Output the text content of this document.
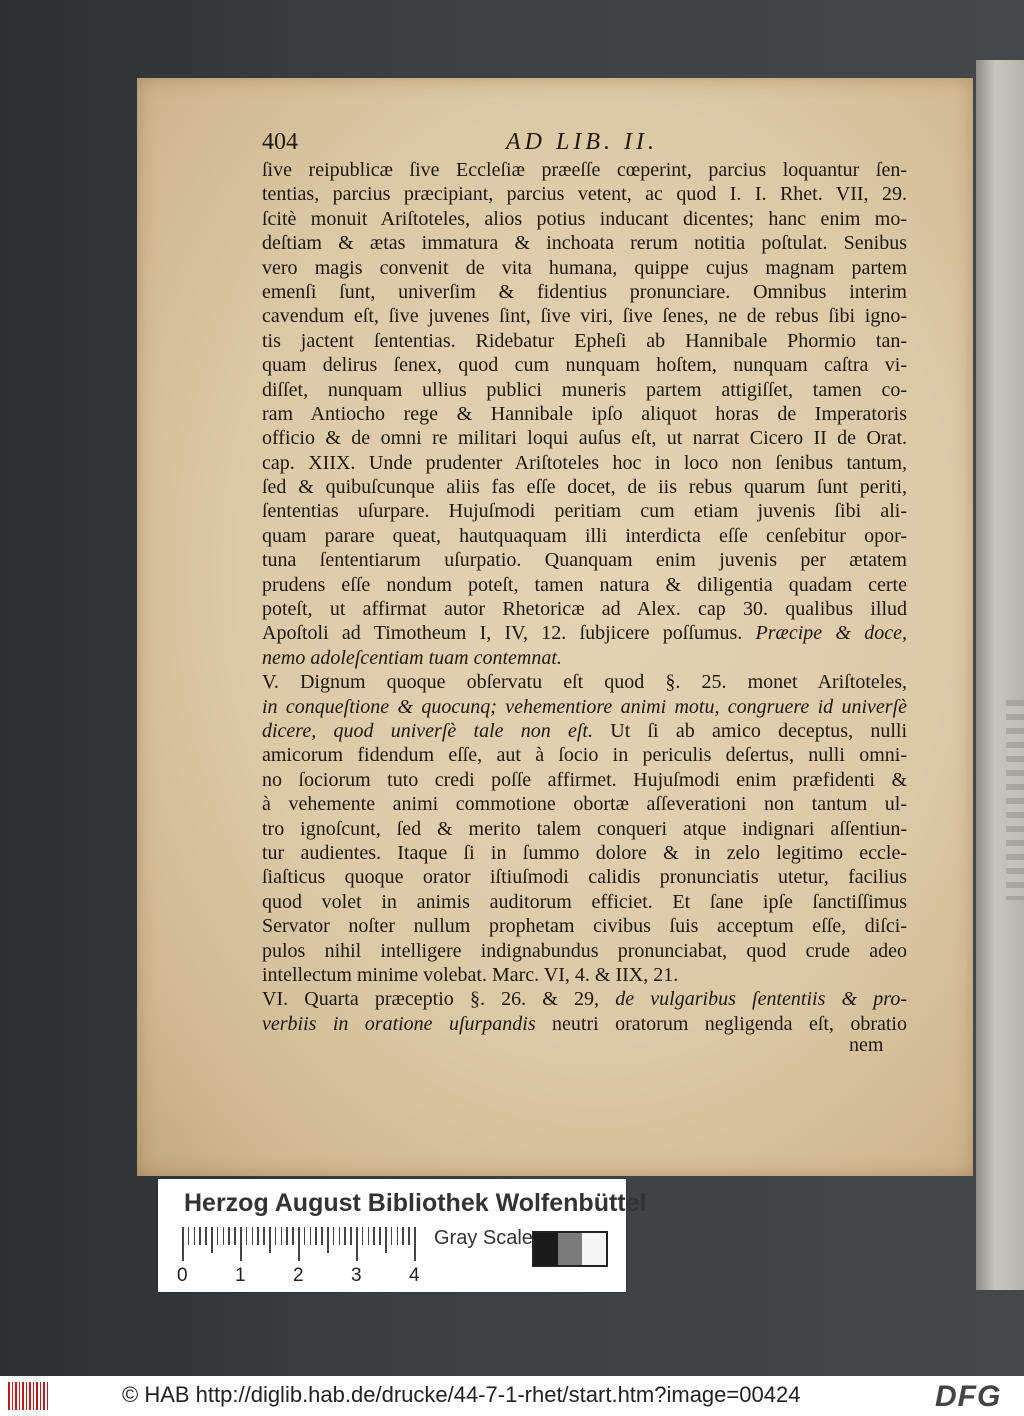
404	AD LIB. II.
ſive reipublicæ ſive Eccleſiæ præeſſe cœperint, parcius loquantur ſen-
tentias, parcius præcipiant, parcius vetent, ac quod I. I. Rhet. VII, 29.
ſcitè monuit Ariſtoteles, alios potius inducant dicentes; hanc enim mo-
deſtiam & ætas immatura & inchoata rerum notitia poſtulat. Senibus
vero magis convenit de vita humana, quippe cujus magnam partem
emenſi ſunt, univerſim & fidentius pronunciare. Omnibus interim
cavendum eſt, ſive juvenes ſint, ſive viri, ſive ſenes, ne de rebus ſibi igno-
tis jactent ſententias. Ridebatur Epheſi ab Hannibale Phormio tan-
quam delirus ſenex, quod cum nunquam hoſtem, nunquam caſtra vi-
diſſet, nunquam ullius publici muneris partem attigiſſet, tamen co-
ram Antiocho rege & Hannibale ipſo aliquot horas de Imperatoris
officio & de omni re militari loqui auſus eſt, ut narrat Cicero II de Orat.
cap. XIIX. Unde prudenter Ariſtoteles hoc in loco non ſenibus tantum,
ſed & quibuſcunque aliis fas eſſe docet, de iis rebus quarum ſunt periti,
ſententias uſurpare. Hujuſmodi peritiam cum etiam juvenis ſibi ali-
quam parare queat, hautquaquam illi interdicta eſſe cenſebitur opor-
tuna ſententiarum uſurpatio. Quanquam enim juvenis per ætatem
prudens eſſe nondum poteſt, tamen natura & diligentia quadam certe
poteſt, ut affirmat autor Rhetoricæ ad Alex. cap 30. qualibus illud
Apoſtoli ad Timotheum I, IV, 12. ſubjicere poſſumus. Præcipe & doce,
nemo adoleſcentiam tuam contemnat.
V. Dignum quoque obſervatu eſt quod §. 25. monet Ariſtoteles,
in conqueſtione & quocunq; vehementiore animi motu, congruere id univerſè
dicere, quod univerſè tale non eſt. Ut ſi ab amico deceptus, nulli
amicorum fidendum eſſe, aut à ſocio in periculis deſertus, nulli omni-
no ſociorum tuto credi poſſe affirmet. Hujuſmodi enim præfidenti &
à vehemente animi commotione obortæ aſſeverationi non tantum ul-
tro ignoſcunt, ſed & merito talem conqueri atque indignari aſſentiun-
tur audientes. Itaque ſi in ſummo dolore & in zelo legitimo eccle-
ſiaſticus quoque orator iſtiuſmodi calidis pronunciatis utetur, facilius
quod volet in animis auditorum efficiet. Et ſane ipſe ſanctiſſimus
Servator noſter nullum prophetam civibus ſuis acceptum eſſe, diſci-
pulos nihil intelligere indignabundus pronunciabat, quod crude adeo
intellectum minime volebat. Marc. VI, 4. & IIX, 21.
VI. Quarta præceptio §. 26. & 29, de vulgaribus ſententiis & pro-
verbiis in oratione uſurpandis neutri oratorum negligenda eſt, obratio
nem
Herzog August Bibliothek Wolfenbüttel
0 1 2 3 4
Gray Scale
© HAB http://diglib.hab.de/drucke/44-7-1-rhet/start.htm?image=00424	DFG
